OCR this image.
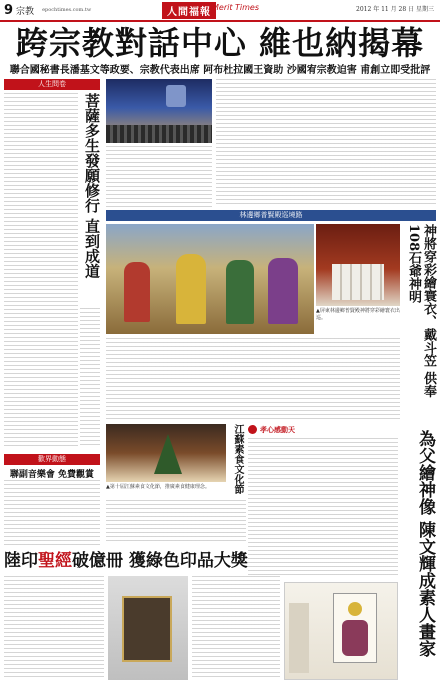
9 宗教 epochtimes.com.tw	人間福報 Merit Times	2012 年 11 月 28 日 星期三
跨宗教對話中心 維也納揭幕
聯合國秘書長潘基文等政要、宗教代表出席 阿布杜拉國王資助 沙國宥宗教迫害 甫創立即受批評
人生問卷
菩薩多生發願修行 直到成道
歡界動態
聯副音樂會 免費觀賞
林邊鄉普賢殿巡境路
▲屏東林邊鄉普賢殿神將穿彩繪寰衣出巡。	神將穿彩繪寰衣、戴斗笠 供奉108石爺神明
江蘇素食文化節
▲第十屆江蘇素食文化節，推廣素食健康理念。
孝心感動天
為父繪神像 陳文輝成素人畫家
陸印聖經破億冊 獲綠色印品大獎
